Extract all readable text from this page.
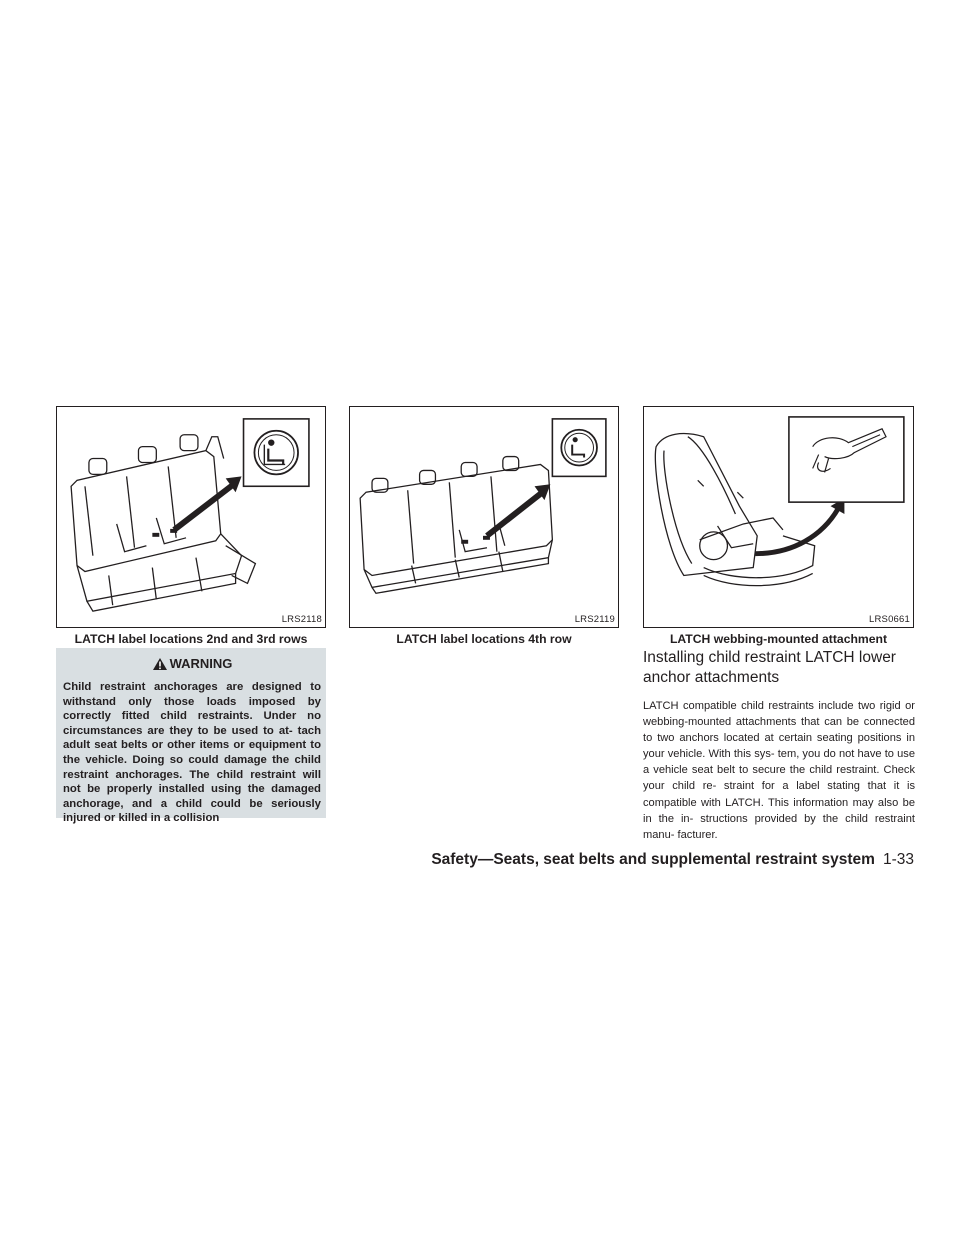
LRS2118	LRS2119	LRS0661
LATCH label locations 2nd and 3rd rows	LATCH label locations 4th row	LATCH webbing-mounted attachment
WARNING

Child restraint anchorages are designed to withstand only those loads imposed by correctly fitted child restraints. Under no circumstances are they to be used to at- tach adult seat belts or other items or equipment to the vehicle. Doing so could damage the child restraint anchorages. The child restraint will not be properly installed using the damaged anchorage, and a child could be seriously injured or killed in a collision

Installing child restraint LATCH lower anchor attachments

LATCH compatible child restraints include two rigid or webbing-mounted attachments that can be connected to two anchors located at certain seating positions in your vehicle. With this sys- tem, you do not have to use a vehicle seat belt to secure the child restraint. Check your child re- straint for a label stating that it is compatible with LATCH. This information may also be in the in- structions provided by the child restraint manu- facturer.

Safety—Seats, seat belts and supplemental restraint system 1-33
